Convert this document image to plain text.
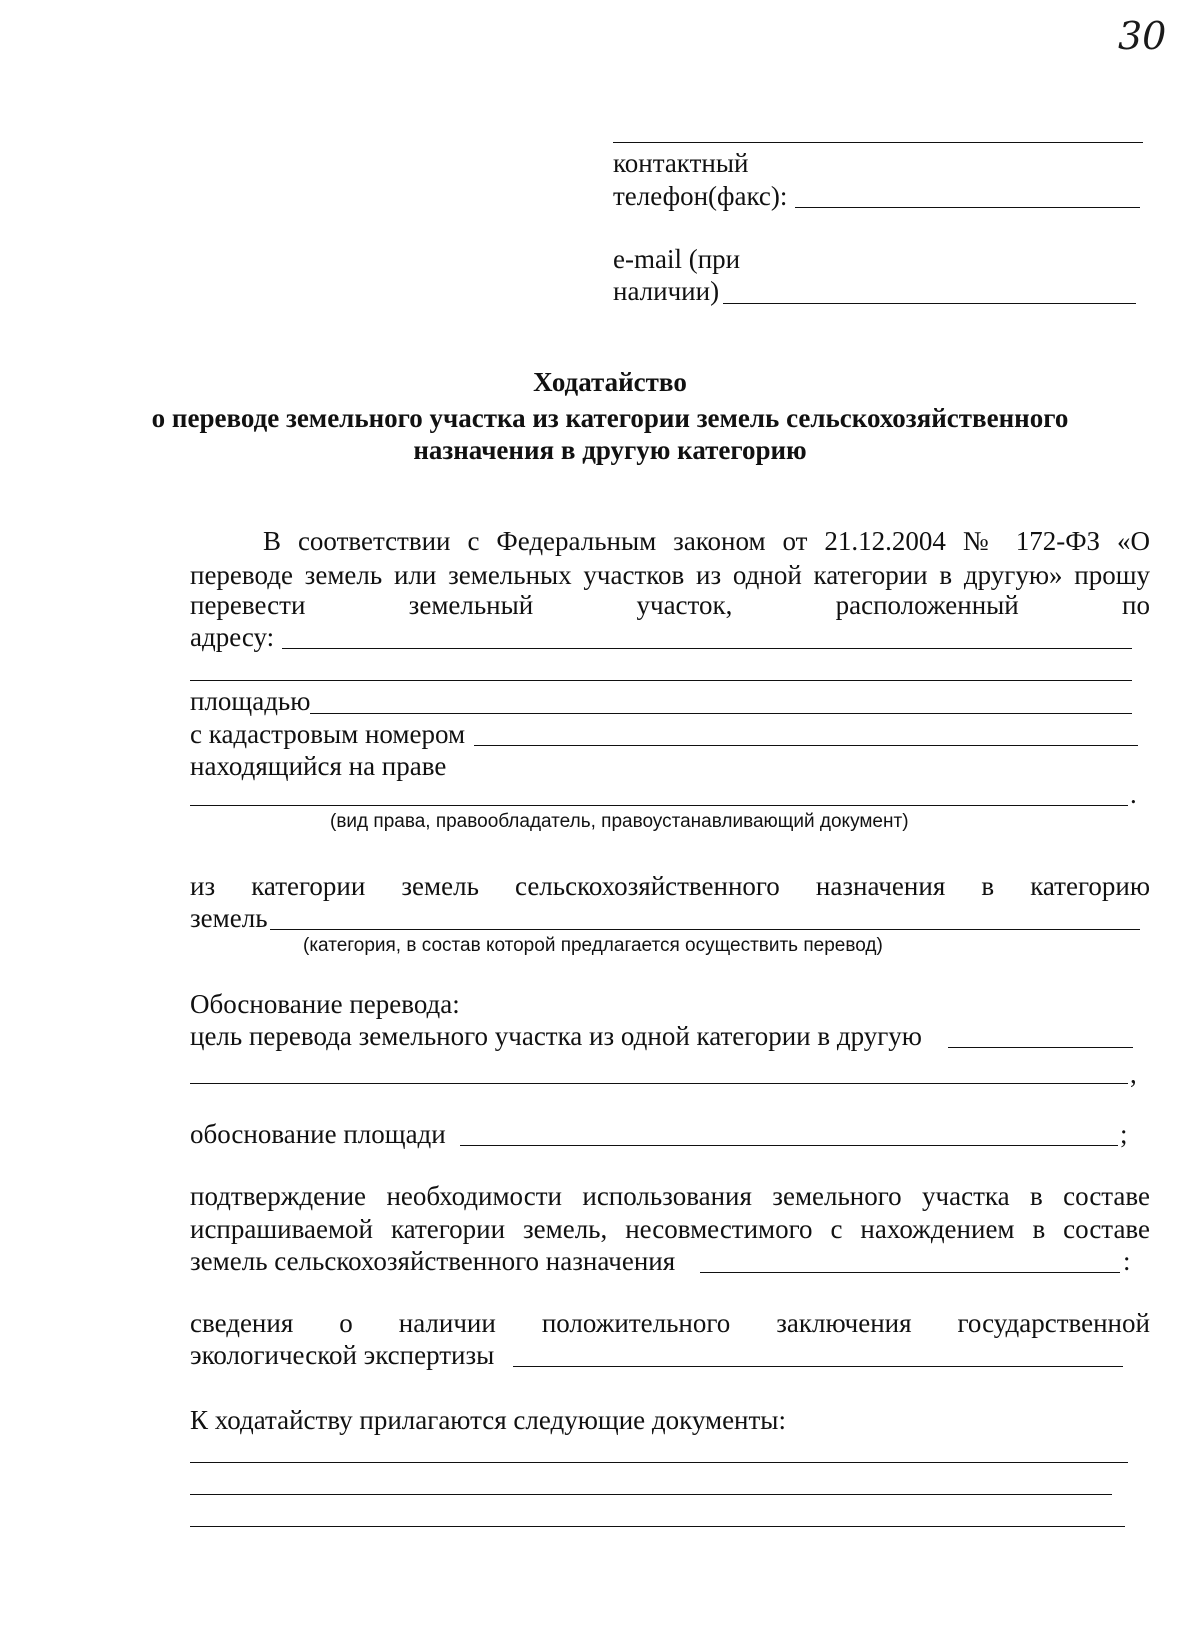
30
контактный
телефон(факс):
e-mail (при
наличии)
Ходатайство
о переводе земельного участка из категории земель сельскохозяйственного
назначения в другую категорию
В соответствии с Федеральным законом от 21.12.2004 № 172-ФЗ «О
переводе земель или земельных участков из одной категории в другую» прошу
перевести	земельный	участок,	расположенный	по
адресу:
площадью
с кадастровым номером
находящийся на праве
.
(вид права, правообладатель, правоустанавливающий документ)
из категории земель сельскохозяйственного назначения в категорию
земель
(категория, в состав которой предлагается осуществить перевод)
Обоснование перевода:
цель перевода земельного участка из одной категории в другую
,
обоснование площади	;
подтверждение необходимости использования земельного участка в составе
испрашиваемой категории земель, несовместимого с нахождением в составе
земель сельскохозяйственного назначения	:
сведения о наличии положительного заключения государственной
экологической экспертизы
К ходатайству прилагаются следующие документы:
